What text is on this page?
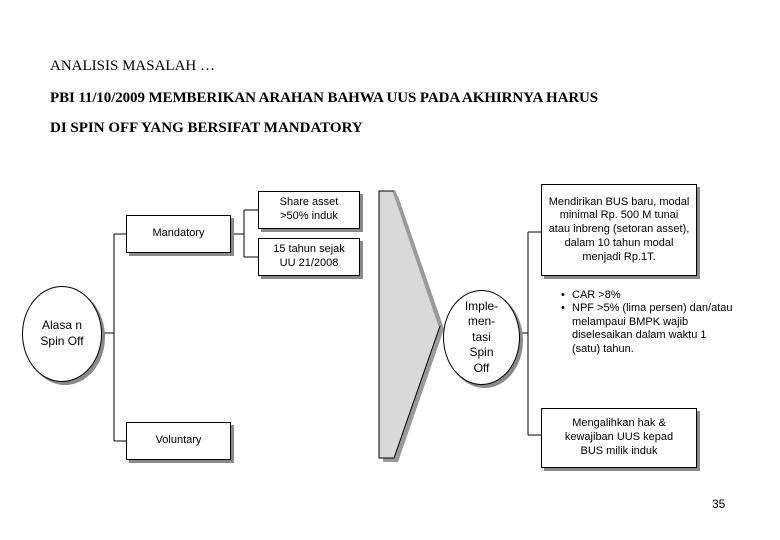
ANALISIS MASALAH …
PBI 11/10/2009 MEMBERIKAN ARAHAN BAHWA UUS PADA AKHIRNYA HARUS
DI SPIN OFF YANG BERSIFAT MANDATORY
Alasa n Spin Off
Mandatory
Voluntary
Share asset >50% induk
15 tahun sejak UU 21/2008
Imple- men- tasi Spin Off
Mendirikan BUS baru, modal minimal Rp. 500 M tunai atau inbreng (setoran asset), dalam 10 tahun modal menjadi Rp.1T.
• CAR >8%
• NPF >5% (lima persen) dan/atau melampaui BMPK wajib diselesaikan dalam waktu 1 (satu) tahun.
Mengalihkan hak & kewajiban UUS kepad BUS milik induk
35
